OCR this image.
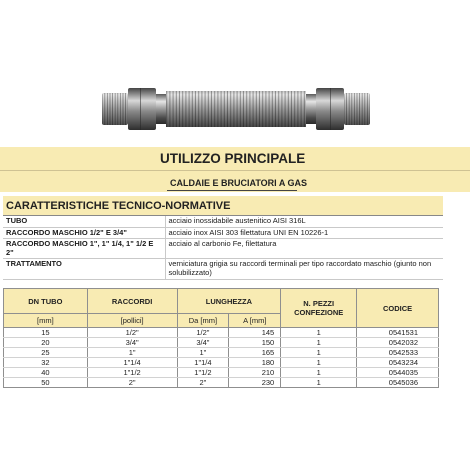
UTILIZZO PRINCIPALE
CALDAIE E BRUCIATORI A GAS
CARATTERISTICHE TECNICO-NORMATIVE
TUBO	acciaio inossidabile austenitico AISI 316L
RACCORDO MASCHIO 1/2" E 3/4"	acciaio inox AISI 303 filettatura UNI EN 10226-1
RACCORDO MASCHIO 1", 1" 1/4, 1" 1/2 E 2"	acciaio al carbonio Fe, filettatura
TRATTAMENTO	verniciatura grigia su raccordi terminali per tipo raccordato maschio (giunto non solubilizzato)
DN TUBO	RACCORDI	LUNGHEZZA		N. PEZZI CONFEZIONE	CODICE
[mm]	[pollici]	Da [mm]	A [mm]		
15	1/2"	1/2"	145	1	0541531
20	3/4"	3/4"	150	1	0542032
25	1"	1"	165	1	0542533
32	1"1/4	1"1/4	180	1	0543234
40	1"1/2	1"1/2	210	1	0544035
50	2"	2"	230	1	0545036
